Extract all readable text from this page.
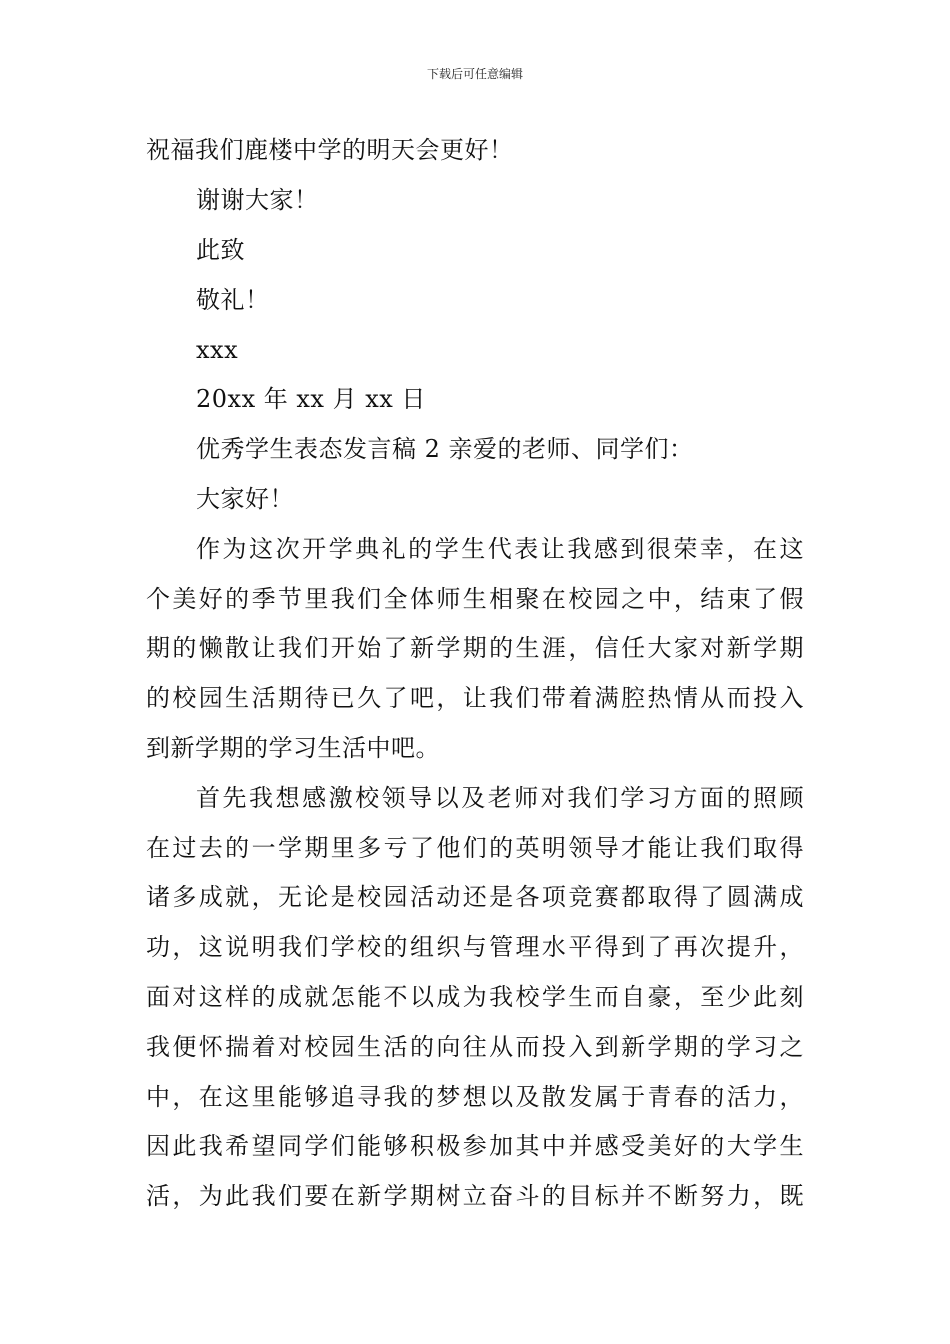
下载后可任意编辑
祝福我们鹿楼中学的明天会更好！
谢谢大家！
此致
敬礼！
xxx
20xx 年 xx 月 xx 日
优秀学生表态发言稿 2 亲爱的老师、同学们：
大家好！
作为这次开学典礼的学生代表让我感到很荣幸，在这
个美好的季节里我们全体师生相聚在校园之中，结束了假
期的懒散让我们开始了新学期的生涯，信任大家对新学期
的校园生活期待已久了吧，让我们带着满腔热情从而投入
到新学期的学习生活中吧。
首先我想感激校领导以及老师对我们学习方面的照顾
在过去的一学期里多亏了他们的英明领导才能让我们取得
诸多成就，无论是校园活动还是各项竞赛都取得了圆满成
功，这说明我们学校的组织与管理水平得到了再次提升，
面对这样的成就怎能不以成为我校学生而自豪，至少此刻
我便怀揣着对校园生活的向往从而投入到新学期的学习之
中，在这里能够追寻我的梦想以及散发属于青春的活力，
因此我希望同学们能够积极参加其中并感受美好的大学生
活，为此我们要在新学期树立奋斗的目标并不断努力，既
